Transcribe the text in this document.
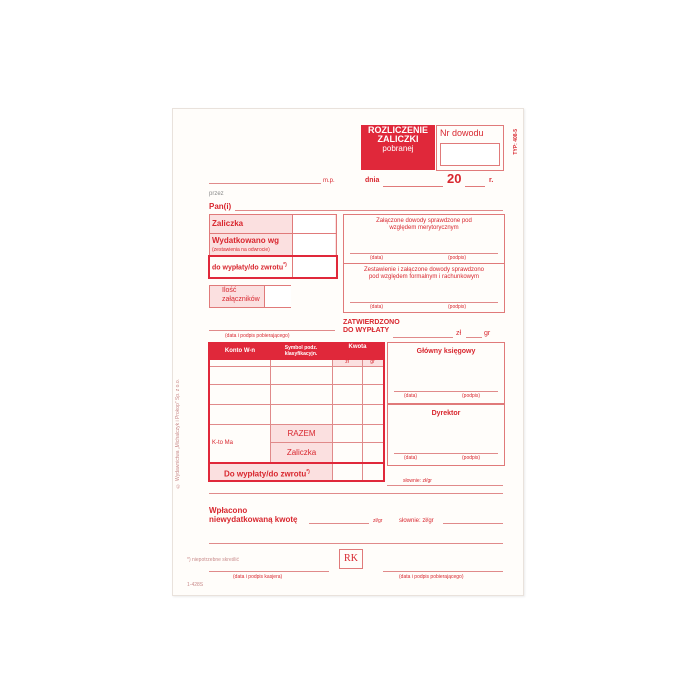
© Wydawnictwa „Michalczyk i Prokop” Sp. z o.o.
TYP: 408-5
*) niepotrzebne skreślić
1-428S
ROZLICZENIE
ZALICZKI
pobranej
Nr dowodu
m.p.	dnia	20	r.
przez
Pan(i)
Zaliczka
Wydatkowano wg
(zestawienia na odwrocie)
do wypłaty/do zwrotu*)
Ilość
załączników
Załączone dowody sprawdzone pod
względem merytorycznym
(data)	(podpis)
Zestawienie i załączone dowody sprawdzono
pod względem formalnym i rachunkowym
(data)	(podpis)
ZATWIERDZONO
DO WYPŁATY	zł	gr
(data i podpis pobierającego)
Konto W-n	Symbol podz.
klasyfikacyjn.
Kwota
zł	gr
K-to Ma
RAZEM
Zaliczka
Do wypłaty/do zwrotu*)
Główny księgowy
(data)	(podpis)
Dyrektor
(data)	(podpis)
słownie: zł/gr
Wpłacono
niewydatkowaną kwotę	zł/gr	słownie: zł/gr
(data i podpis kasjera)
RK
(data i podpis pobierającego)
